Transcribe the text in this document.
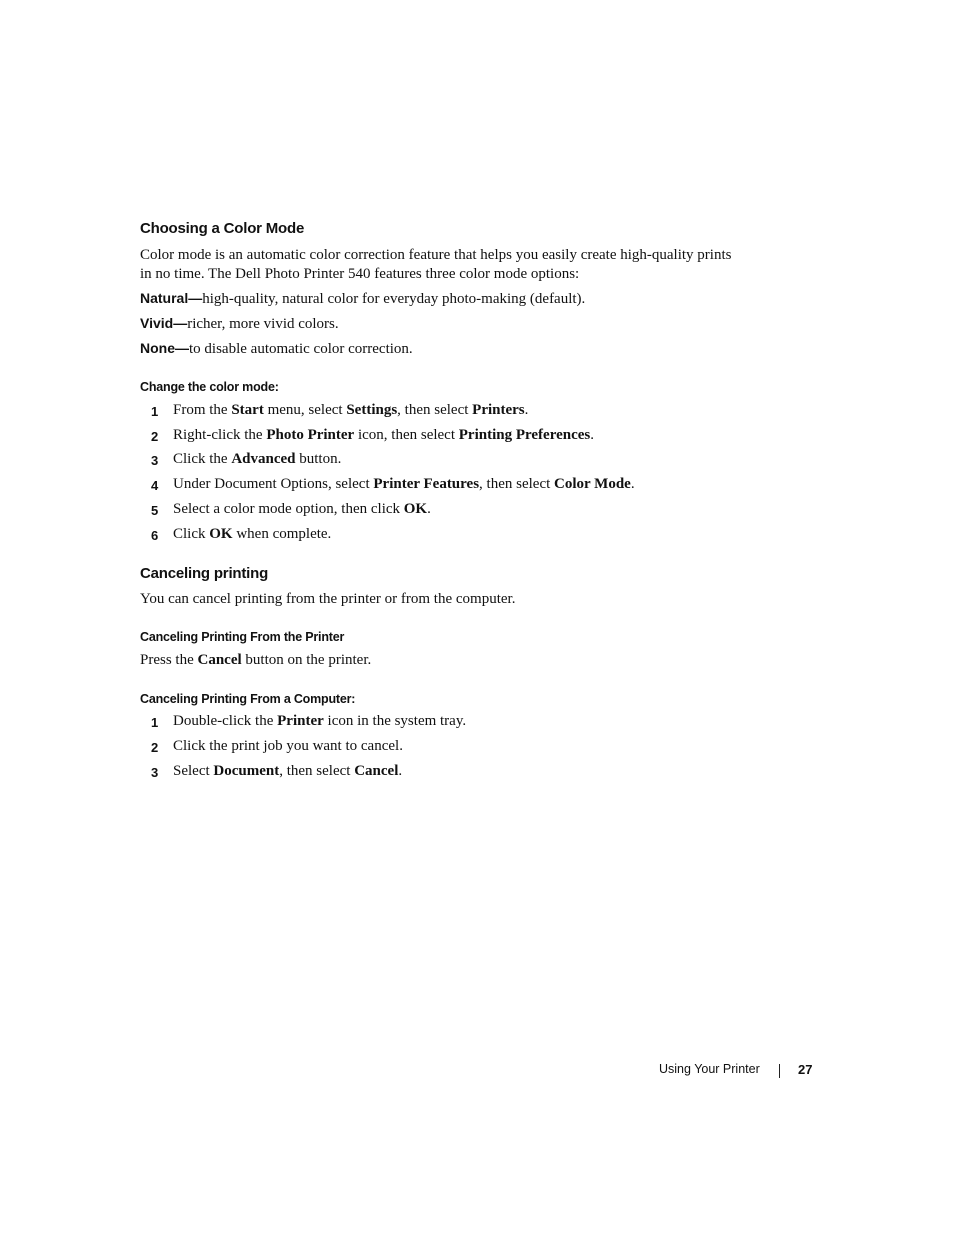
Choosing a Color Mode

Color mode is an automatic color correction feature that helps you easily create high-quality prints

in no time. The Dell Photo Printer 540 features three color mode options:

Natural—high-quality, natural color for everyday photo-making (default).
Vivid—richer, more vivid colors.
None—to disable automatic color correction.
Change the color mode:
1 From the Start menu, select Settings, then select Printers.
2 Right-click the Photo Printer icon, then select Printing Preferences.
3 Click the Advanced button.
4 Under Document Options, select Printer Features, then select Color Mode.
5 Select a color mode option, then click OK.
6 Click OK when complete.
Canceling printing

You can cancel printing from the printer or from the computer.

Canceling Printing From the Printer
Press the Cancel button on the printer.
Canceling Printing From a Computer:
1 Double-click the Printer icon in the system tray.
2 Click the print job you want to cancel.
3 Select Document, then select Cancel.
Using Your Printer	27
